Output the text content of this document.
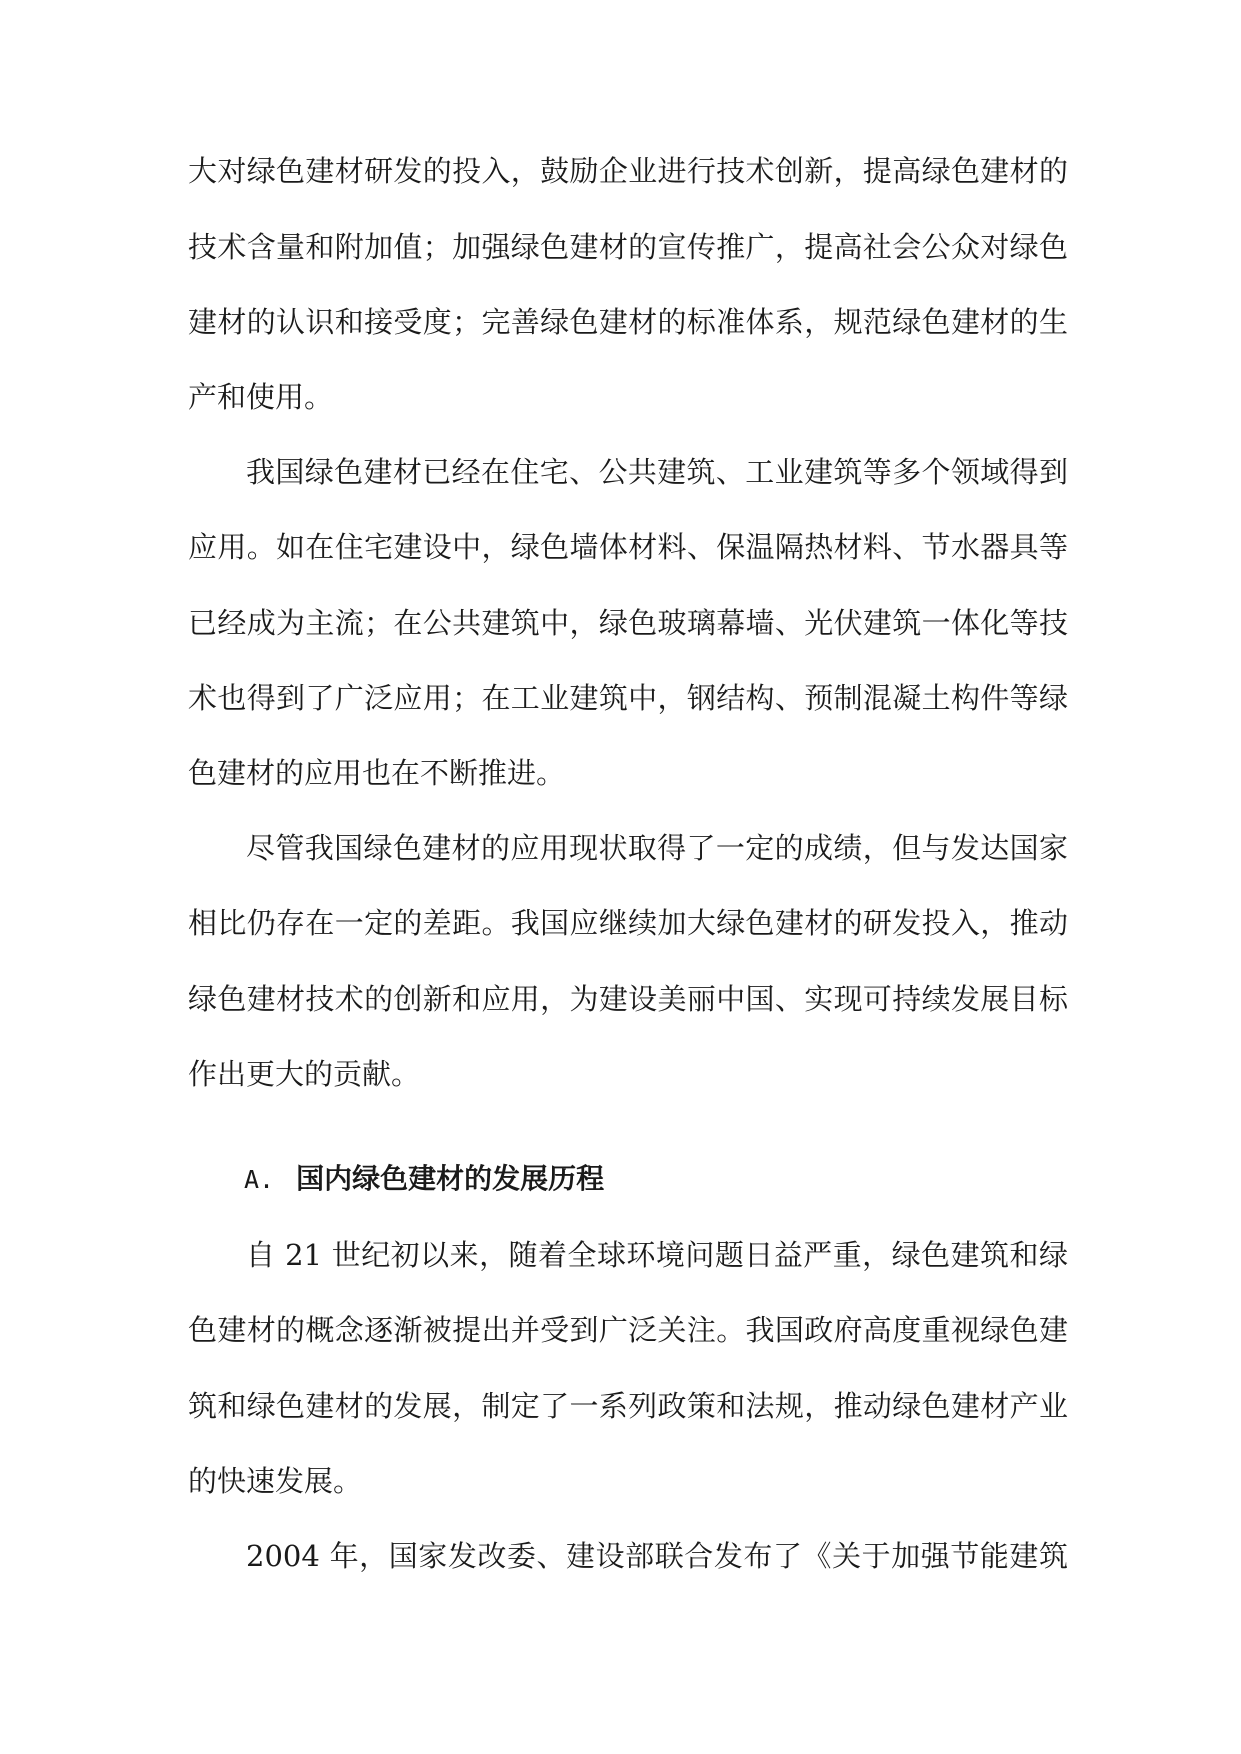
大对绿色建材研发的投入，鼓励企业进行技术创新，提高绿色建材的
技术含量和附加值；加强绿色建材的宣传推广，提高社会公众对绿色
建材的认识和接受度；完善绿色建材的标准体系，规范绿色建材的生
产和使用。
我国绿色建材已经在住宅、公共建筑、工业建筑等多个领域得到
应用。如在住宅建设中，绿色墙体材料、保温隔热材料、节水器具等
已经成为主流；在公共建筑中，绿色玻璃幕墙、光伏建筑一体化等技
术也得到了广泛应用；在工业建筑中，钢结构、预制混凝土构件等绿
色建材的应用也在不断推进。
尽管我国绿色建材的应用现状取得了一定的成绩，但与发达国家
相比仍存在一定的差距。我国应继续加大绿色建材的研发投入，推动
绿色建材技术的创新和应用，为建设美丽中国、实现可持续发展目标
作出更大的贡献。
A. 国内绿色建材的发展历程
自 21 世纪初以来，随着全球环境问题日益严重，绿色建筑和绿
色建材的概念逐渐被提出并受到广泛关注。我国政府高度重视绿色建
筑和绿色建材的发展，制定了一系列政策和法规，推动绿色建材产业
的快速发展。
2004 年，国家发改委、建设部联合发布了《关于加强节能建筑
